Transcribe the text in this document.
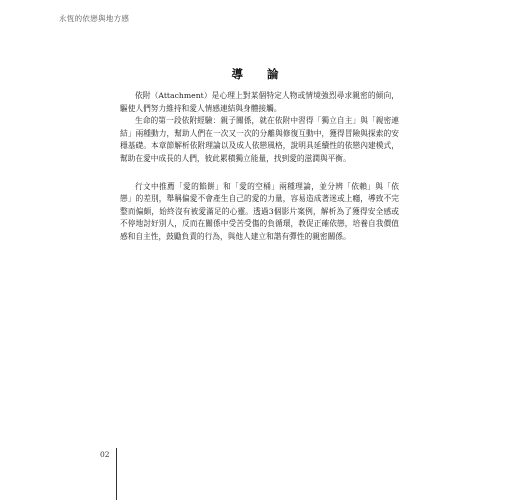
永恆的依戀與地方感
導 論

依附（Attachment）是心理上對某個特定人物或情境強烈尋求親密的傾向，驅使人們努力維持和愛人情感連結與身體接觸。

生命的第一段依附經驗：親子關係，就在依附中習得「獨立自主」與「親密連結」兩種動力，幫助人們在一次又一次的分離與修復互動中，獲得冒險與探索的安穩基礎。本章節解析依附理論以及成人依戀風格，說明具延續性的依戀內建模式，幫助在愛中成長的人們，彼此累積獨立能量，找到愛的滋潤與平衡。

行文中推薦「愛的餡餅」和「愛的空桶」兩種理論，並分辨「依賴」與「依戀」的差別，舉稱偏愛不會產生自己的愛的力量，容易造成著迷或上癮，導致不完整而偏頗，始終沒有被愛滿足的心靈。透過3個影片案例，解析為了獲得安全感或不停地討好別人，反而在關係中受苦受傷的負循環，教促正確依戀，培養自我價值感和自主性，鼓勵負責的行為，與他人建立和諧有彈性的親密關係。

02
